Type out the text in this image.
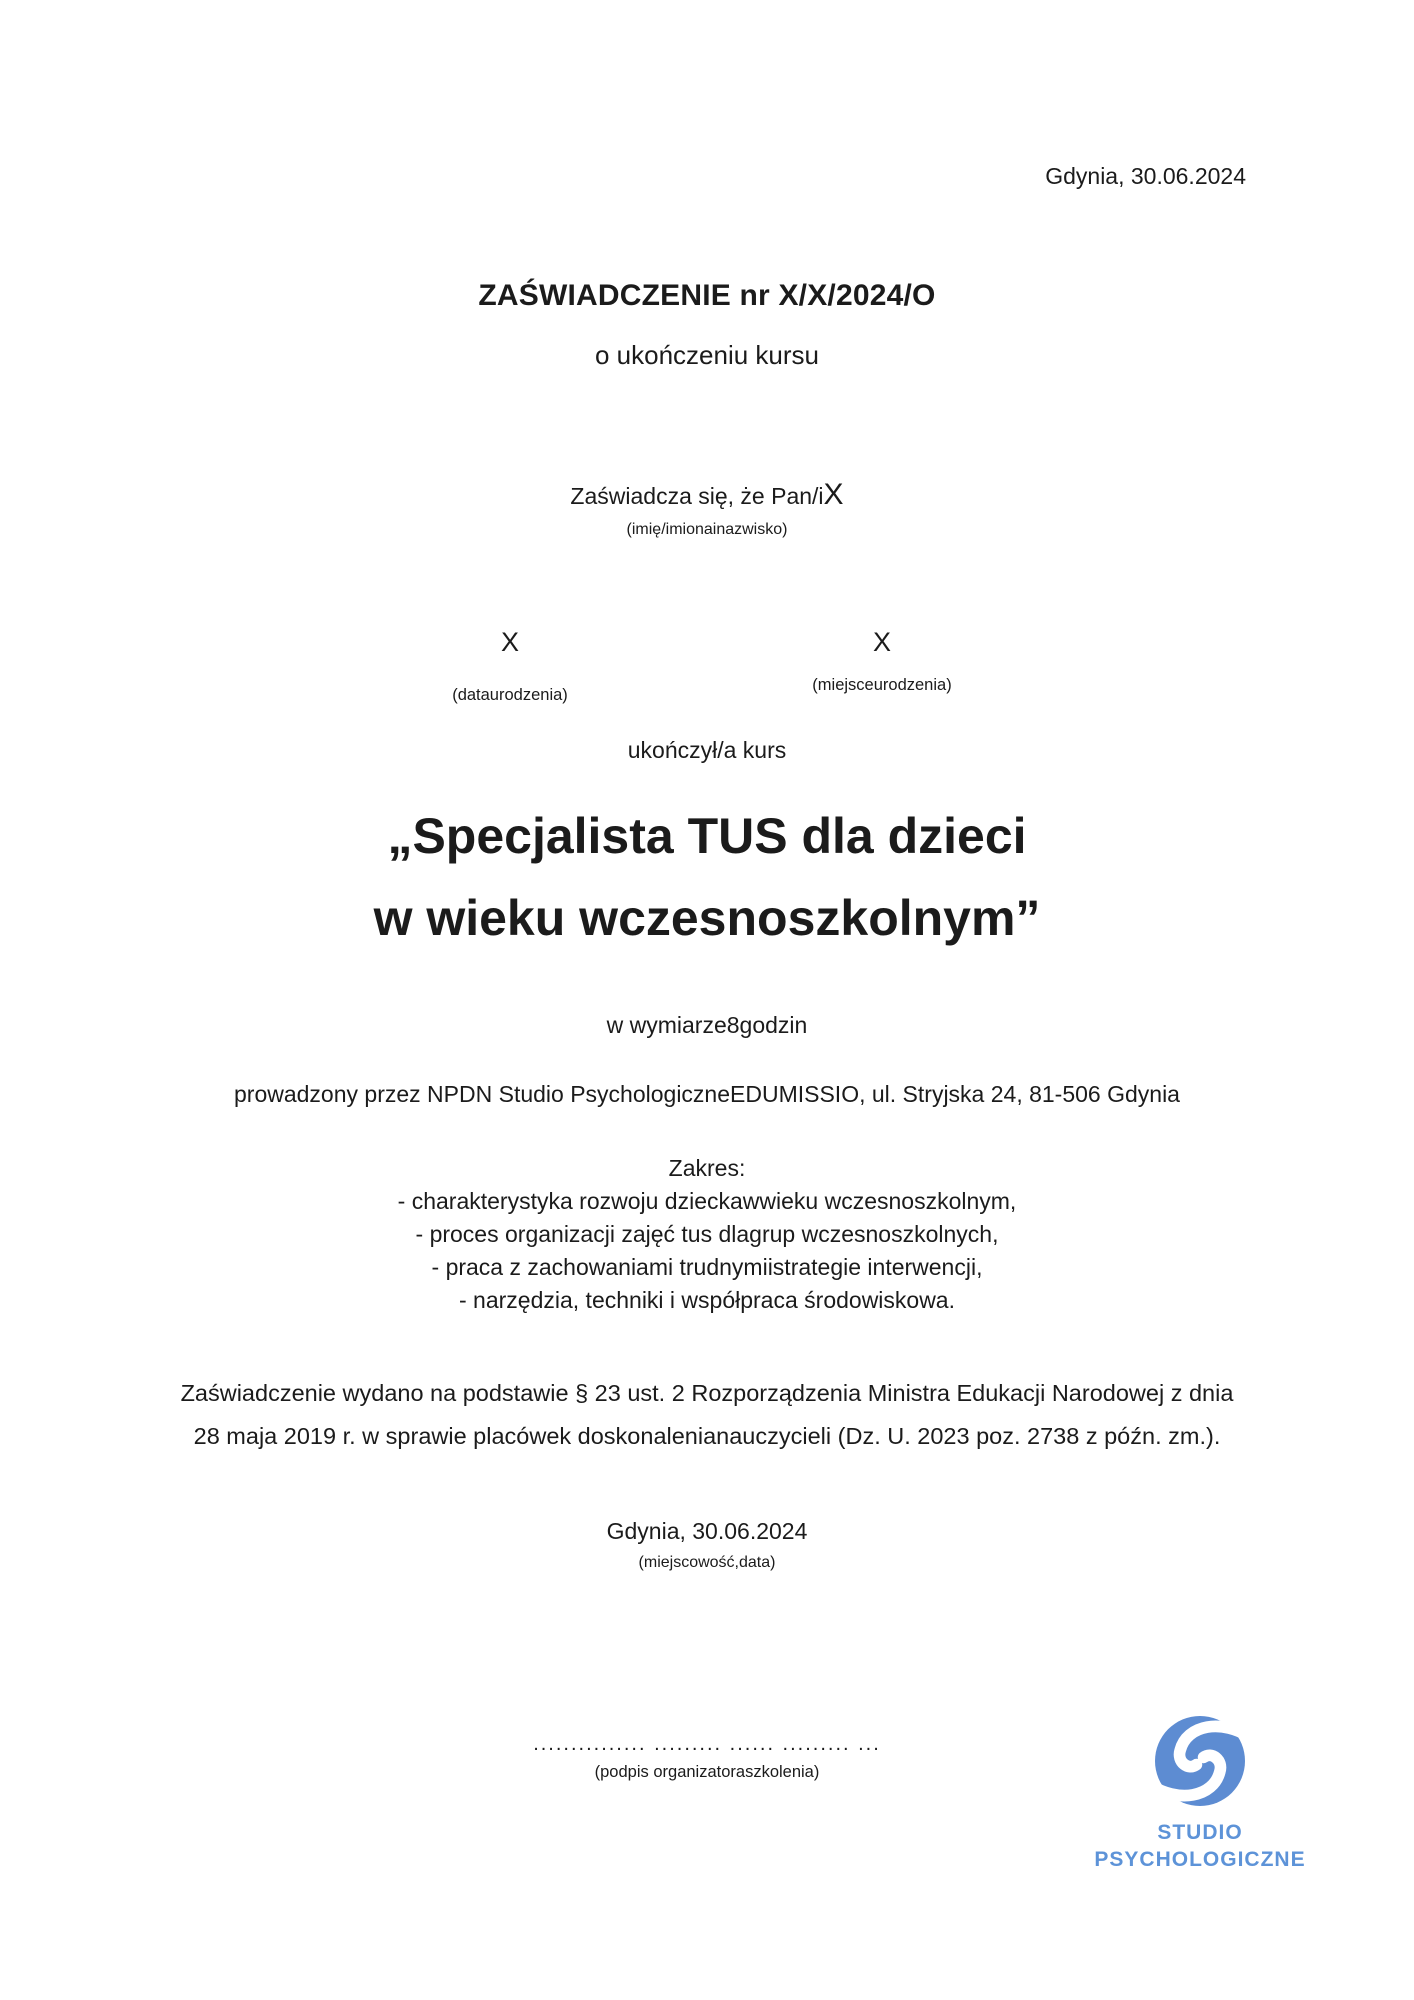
Gdynia, 30.06.2024
ZAŚWIADCZENIE nr X/X/2024/O
o ukończeniu kursu
Zaświadcza się, że Pan/iX
(imię/imionainazwisko)
X
(dataurodzenia)
X
(miejsceurodzenia)
ukończył/a kurs
„Specjalista TUS dla dzieci
w wieku wczesnoszkolnym”
w wymiarze8godzin
prowadzony przez NPDN Studio PsychologiczneEDUMISSIO, ul. Stryjska 24, 81-506 Gdynia
Zakres:
- charakterystyka rozwoju dzieckawwieku wczesnoszkolnym,
- proces organizacji zajęć tus dlagrup wczesnoszkolnych,
- praca z zachowaniami trudnymiistrategie interwencji,
- narzędzia, techniki i współpraca środowiskowa.
Zaświadczenie wydano na podstawie § 23 ust. 2 Rozporządzenia Ministra Edukacji Narodowej z dnia
28 maja 2019 r. w sprawie placówek doskonalenianauczycieli (Dz. U. 2023 poz. 2738 z późn. zm.).
Gdynia, 30.06.2024
(miejscowość,data)
............... ......... ...... ......... ...
(podpis organizatoraszkolenia)
STUDIO
PSYCHOLOGICZNE
